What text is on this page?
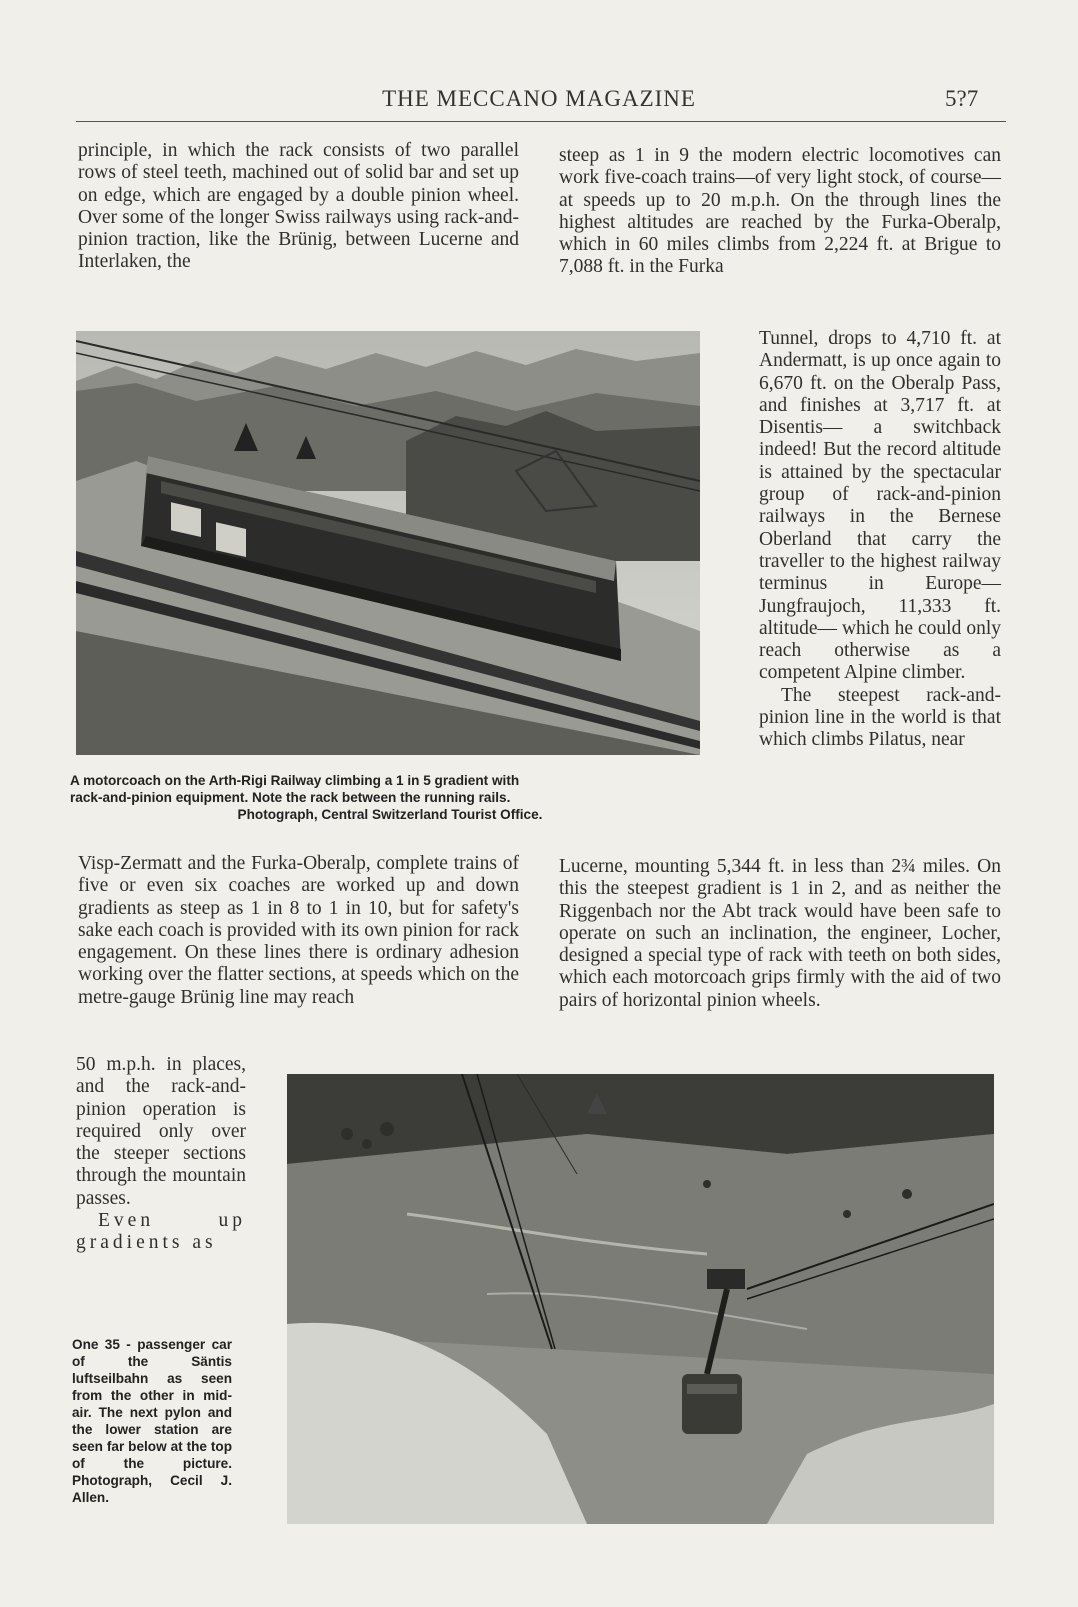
THE MECCANO MAGAZINE	5?7

principle, in which the rack consists of two parallel rows of steel teeth, machined out of solid bar and set up on edge, which are engaged by a double pinion wheel. Over some of the longer Swiss railways using rack-and-pinion traction, like the Brünig, between Lucerne and Interlaken, the

steep as 1 in 9 the modern electric locomotives can work five-coach trains—of very light stock, of course—at speeds up to 20 m.p.h. On the through lines the highest altitudes are reached by the Furka-Oberalp, which in 60 miles climbs from 2,224 ft. at Brigue to 7,088 ft. in the Furka

A motorcoach on the Arth-Rigi Railway climbing a 1 in 5 gradient with
rack-and-pinion equipment. Note the rack between the running rails.
Photograph, Central Switzerland Tourist Office.

Tunnel, drops to 4,710 ft. at Andermatt, is up once again to 6,670 ft. on the Oberalp Pass, and finishes at 3,717 ft. at Disentis— a switchback indeed! But the record altitude is attained by the spectacular group of rack-and-pinion railways in the Bernese Oberland that carry the traveller to the highest railway terminus in Europe—Jungfraujoch, 11,333 ft. altitude— which he could only reach otherwise as a competent Alpine climber.

The steepest rack-and-pinion line in the world is that which climbs Pilatus, near

Visp-Zermatt and the Furka-Oberalp, complete trains of five or even six coaches are worked up and down gradients as steep as 1 in 8 to 1 in 10, but for safety's sake each coach is provided with its own pinion for rack engagement. On these lines there is ordinary adhesion working over the flatter sections, at speeds which on the metre-gauge Brünig line may reach

Lucerne, mounting 5,344 ft. in less than 2¾ miles. On this the steepest gradient is 1 in 2, and as neither the Riggenbach nor the Abt track would have been safe to operate on such an inclination, the engineer, Locher, designed a special type of rack with teeth on both sides, which each motorcoach grips firmly with the aid of two pairs of horizontal pinion wheels.

50 m.p.h. in places, and the rack-and-pinion operation is required only over the steeper sections through the mountain passes.

Even up gradients as

One 35 - passenger car of the Säntis luftseilbahn as seen from the other in mid-air. The next pylon and the lower station are seen far below at the top of the picture. Photograph, Cecil J. Allen.
